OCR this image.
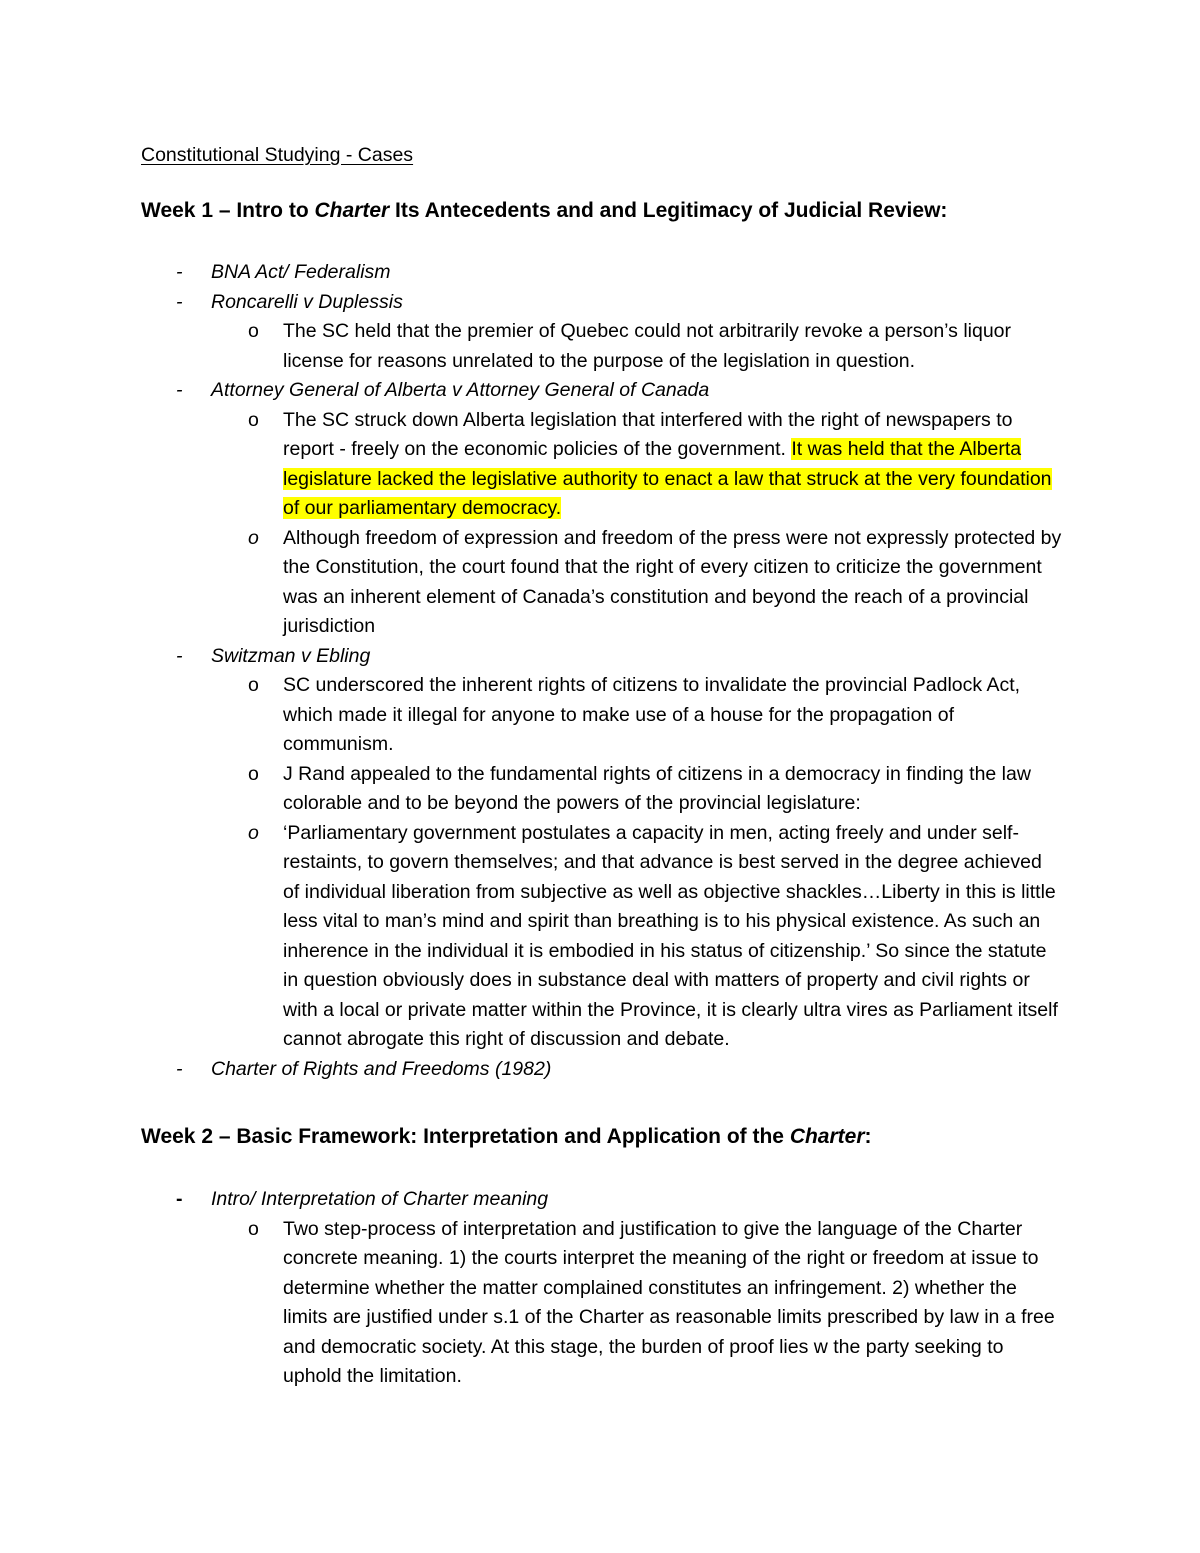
Constitutional Studying - Cases
Week 1 – Intro to Charter Its Antecedents and and Legitimacy of Judicial Review:
- BNA Act/ Federalism
- Roncarelli v Duplessis
o The SC held that the premier of Quebec could not arbitrarily revoke a person’s liquor license for reasons unrelated to the purpose of the legislation in question.
- Attorney General of Alberta v Attorney General of Canada
o The SC struck down Alberta legislation that interfered with the right of newspapers to report - freely on the economic policies of the government. It was held that the Alberta legislature lacked the legislative authority to enact a law that struck at the very foundation of our parliamentary democracy.
o Although freedom of expression and freedom of the press were not expressly protected by the Constitution, the court found that the right of every citizen to criticize the government was an inherent element of Canada’s constitution and beyond the reach of a provincial jurisdiction
- Switzman v Ebling
o SC underscored the inherent rights of citizens to invalidate the provincial Padlock Act, which made it illegal for anyone to make use of a house for the propagation of communism.
o J Rand appealed to the fundamental rights of citizens in a democracy in finding the law colorable and to be beyond the powers of the provincial legislature:
o ‘Parliamentary government postulates a capacity in men, acting freely and under self-restaints, to govern themselves; and that advance is best served in the degree achieved of individual liberation from subjective as well as objective shackles…Liberty in this is little less vital to man’s mind and spirit than breathing is to his physical existence. As such an inherence in the individual it is embodied in his status of citizenship.’ So since the statute in question obviously does in substance deal with matters of property and civil rights or with a local or private matter within the Province, it is clearly ultra vires as Parliament itself cannot abrogate this right of discussion and debate.
- Charter of Rights and Freedoms (1982)
Week 2 – Basic Framework: Interpretation and Application of the Charter:
- Intro/ Interpretation of Charter meaning
o Two step-process of interpretation and justification to give the language of the Charter concrete meaning. 1) the courts interpret the meaning of the right or freedom at issue to determine whether the matter complained constitutes an infringement. 2) whether the limits are justified under s.1 of the Charter as reasonable limits prescribed by law in a free and democratic society. At this stage, the burden of proof lies w the party seeking to uphold the limitation.
